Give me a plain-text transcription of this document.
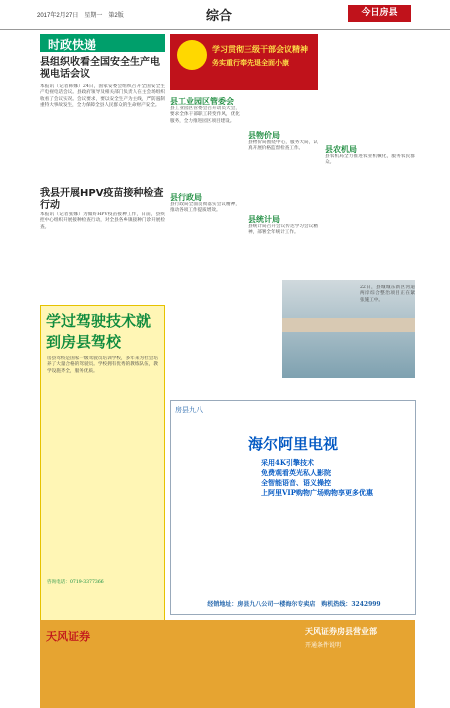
2017年2月27日　星期一　第2版	综合	今日房县
时政快递
县组织收看全国安全生产电视电话会议
本报讯（记者韩娜）24日，国家安委会组织召开全国安全生产电视电话会议。县政府领导及相关部门负责人在主会场组织收看了会议实况。会议要求，要以安全生产为主线，严防遏制重特大事故发生，全力保障全县人民群众的生命财产安全。
我县开展HPV疫苗接种检查行动
本报讯（记者张娜）为做好HPV疫苗接种工作，日前，县疾控中心组织开展接种检查行动，对全县各乡镇接种门诊开展检查。
学过驾驶技术就到房县驾校
房县驾校是国家一级驾驶员培训学校，多年来为社会培养了大量合格的驾驶员。学校拥有优秀的教练队伍，教学设施齐全，服务优质。
咨询电话：0719-3377366
学习贯彻三级干部会议精神
务实重行奉先退全面小康
县工业园区管委会
县工业园区管委会召开动员大会，要求全体干部职工转变作风，优化服务，全力推进园区项目建设。
县行政局
县行政局全面贯彻落实会议精神，推动各项工作提质增效。
县物价局
县物价局围绕中心，服务大局，认真开展价格监督检查工作。
县统计局
县统计局召开会议传达学习会议精神，部署全年统计工作。
县农机局
县农机局全力推进农业机械化，服务农民群众。
22日，县城城东新区河道两岸综合整治项目正在紧张施工中。
房县九八
海尔阿里电视
采用4K引擎技术
免费观看英光私人影院
全智能语音、语义操控
上阿里VIP购物广场购物享更多优惠
经销地址：房县九八公司一楼海尔专卖店　购机热线：3242999
天风证券	天风证券房县营业部
开通条件说明
